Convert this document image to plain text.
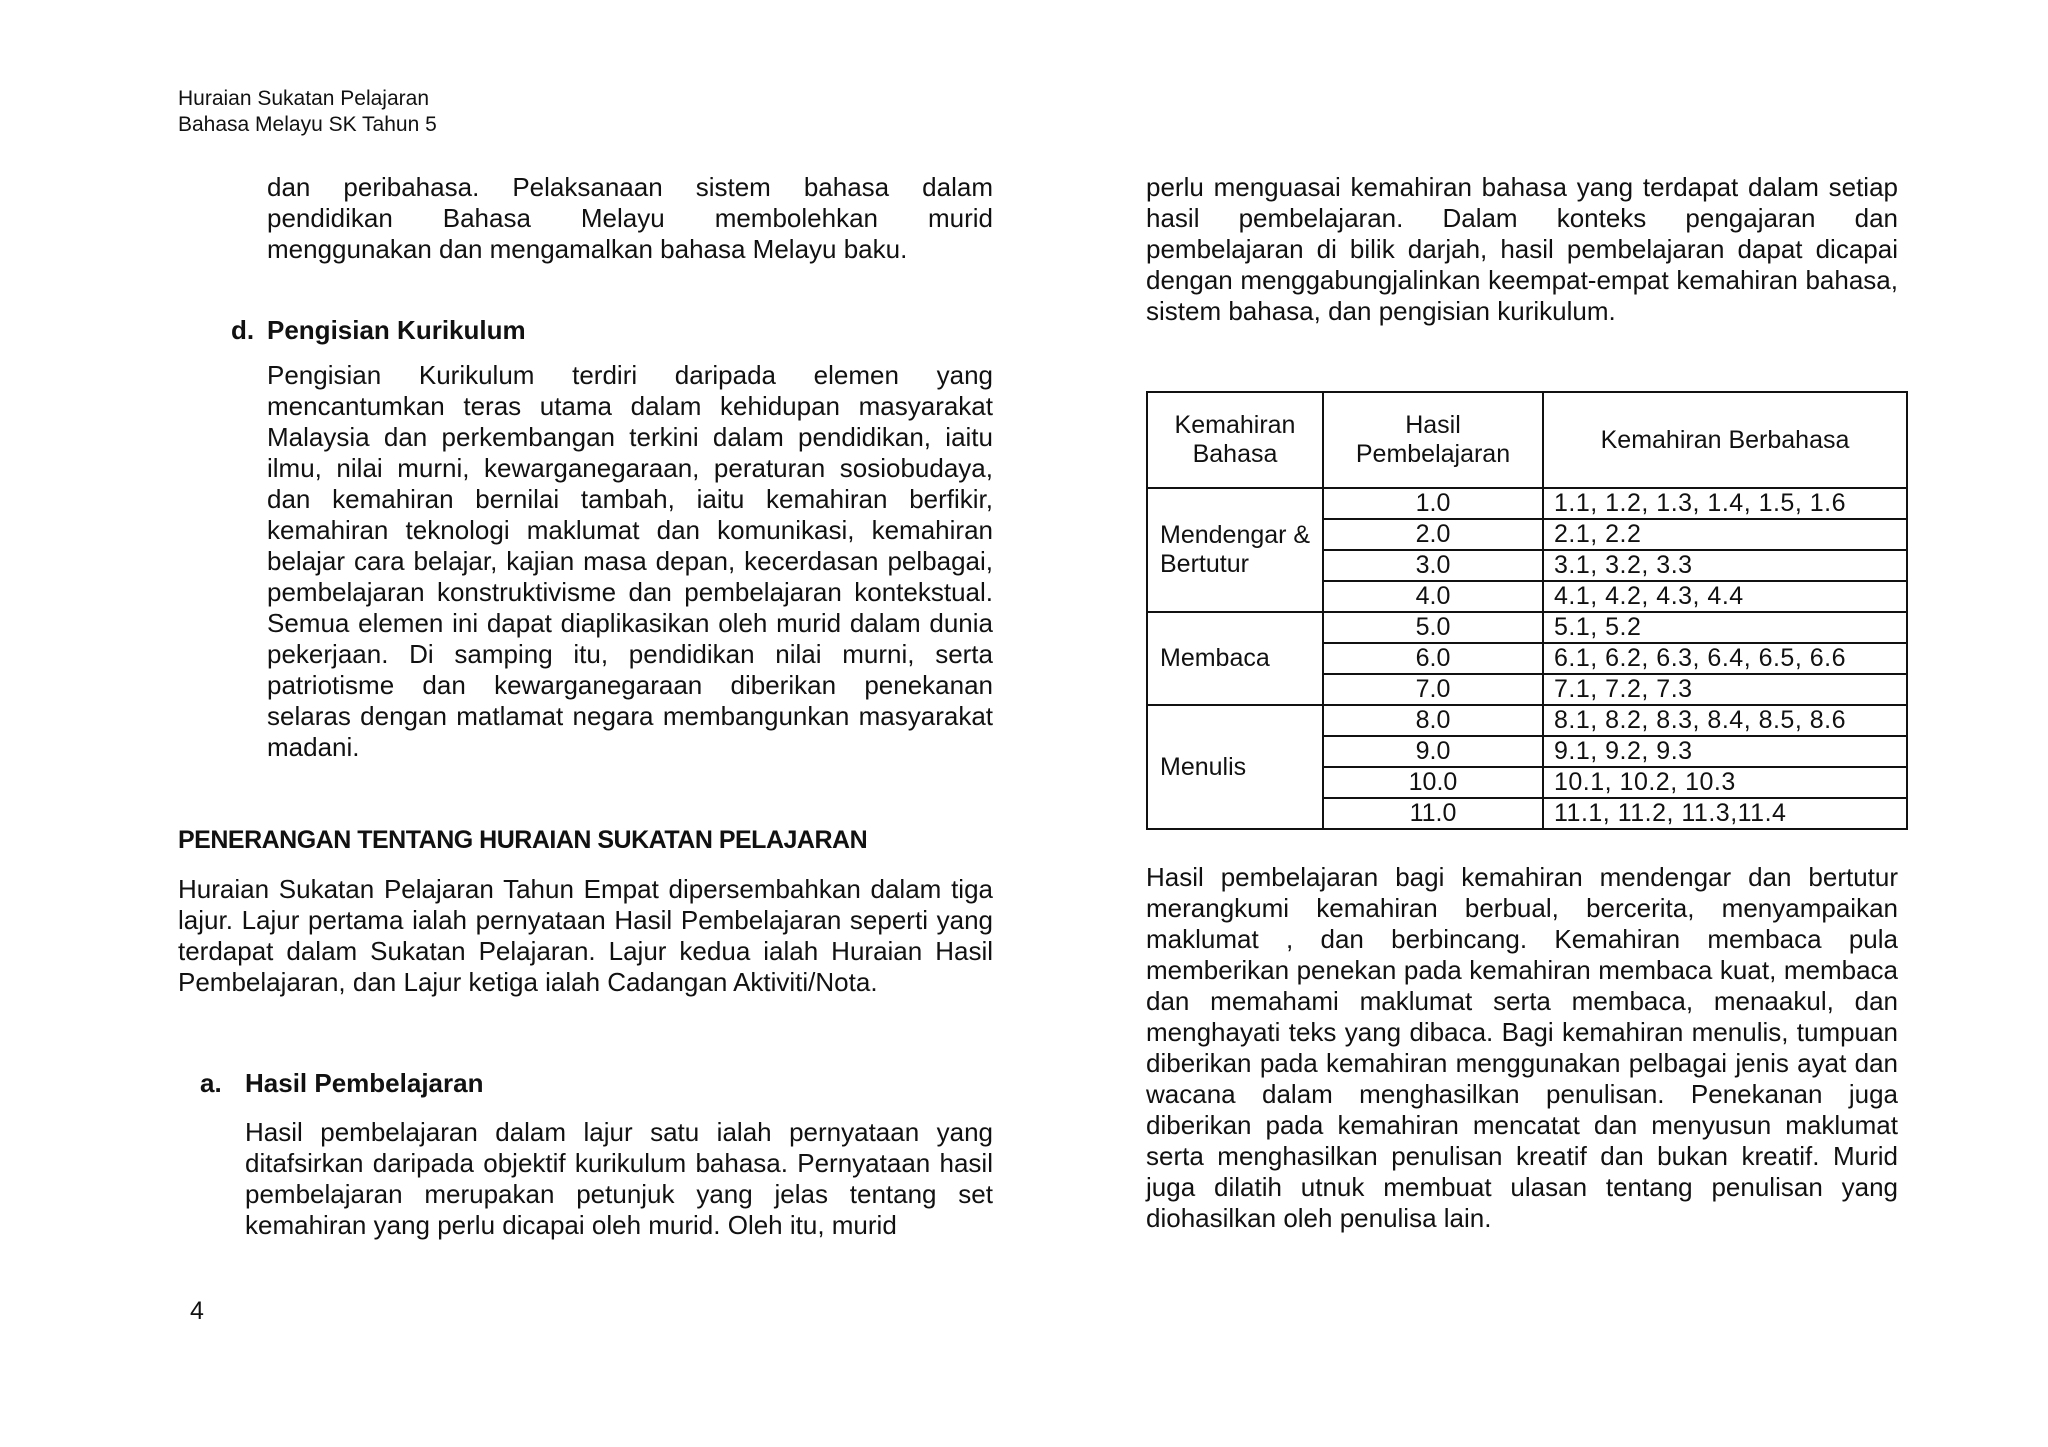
Huraian Sukatan Pelajaran
Bahasa Melayu SK Tahun 5

dan peribahasa. Pelaksanaan sistem bahasa dalam pendidikan Bahasa Melayu membolehkan murid menggunakan dan mengamalkan bahasa Melayu baku.

d. Pengisian Kurikulum

Pengisian Kurikulum terdiri daripada elemen yang mencantumkan teras utama dalam kehidupan masyarakat Malaysia dan perkembangan terkini dalam pendidikan, iaitu ilmu, nilai murni, kewarganegaraan, peraturan sosiobudaya, dan kemahiran bernilai tambah, iaitu kemahiran berfikir, kemahiran teknologi maklumat dan komunikasi, kemahiran belajar cara belajar, kajian masa depan, kecerdasan pelbagai, pembelajaran konstruktivisme dan pembelajaran kontekstual. Semua elemen ini dapat diaplikasikan oleh murid dalam dunia pekerjaan. Di samping itu, pendidikan nilai murni, serta patriotisme dan kewarganegaraan diberikan penekanan selaras dengan matlamat negara membangunkan masyarakat madani.

PENERANGAN TENTANG HURAIAN SUKATAN PELAJARAN

Huraian Sukatan Pelajaran Tahun Empat dipersembahkan dalam tiga lajur. Lajur pertama ialah pernyataan Hasil Pembelajaran seperti yang terdapat dalam Sukatan Pelajaran. Lajur kedua ialah Huraian Hasil Pembelajaran, dan Lajur ketiga ialah Cadangan Aktiviti/Nota.

a. Hasil Pembelajaran

Hasil pembelajaran dalam lajur satu ialah pernyataan yang ditafsirkan daripada objektif kurikulum bahasa. Pernyataan hasil pembelajaran merupakan petunjuk yang jelas tentang set kemahiran yang perlu dicapai oleh murid. Oleh itu, murid

perlu menguasai kemahiran bahasa yang terdapat dalam setiap hasil pembelajaran. Dalam konteks pengajaran dan pembelajaran di bilik darjah, hasil pembelajaran dapat dicapai dengan menggabungjalinkan keempat-empat kemahiran bahasa, sistem bahasa, dan pengisian kurikulum.

Kemahiran Bahasa	Hasil Pembelajaran	Kemahiran Berbahasa
Mendengar & Bertutur	1.0	1.1, 1.2, 1.3, 1.4, 1.5, 1.6
	2.0	2.1, 2.2
	3.0	3.1, 3.2, 3.3
	4.0	4.1, 4.2, 4.3, 4.4
Membaca	5.0	5.1, 5.2
	6.0	6.1, 6.2, 6.3, 6.4, 6.5, 6.6
	7.0	7.1, 7.2, 7.3
Menulis	8.0	8.1, 8.2, 8.3, 8.4, 8.5, 8.6
	9.0	9.1, 9.2, 9.3
	10.0	10.1, 10.2, 10.3
	11.0	11.1, 11.2, 11.3,11.4

Hasil pembelajaran bagi kemahiran mendengar dan bertutur merangkumi kemahiran berbual, bercerita, menyampaikan maklumat , dan berbincang. Kemahiran membaca pula memberikan penekan pada kemahiran membaca kuat, membaca dan memahami maklumat serta membaca, menaakul, dan menghayati teks yang dibaca. Bagi kemahiran menulis, tumpuan diberikan pada kemahiran menggunakan pelbagai jenis ayat dan wacana dalam menghasilkan penulisan. Penekanan juga diberikan pada kemahiran mencatat dan menyusun maklumat serta menghasilkan penulisan kreatif dan bukan kreatif. Murid juga dilatih utnuk membuat ulasan tentang penulisan yang diohasilkan oleh penulisa lain.

4
